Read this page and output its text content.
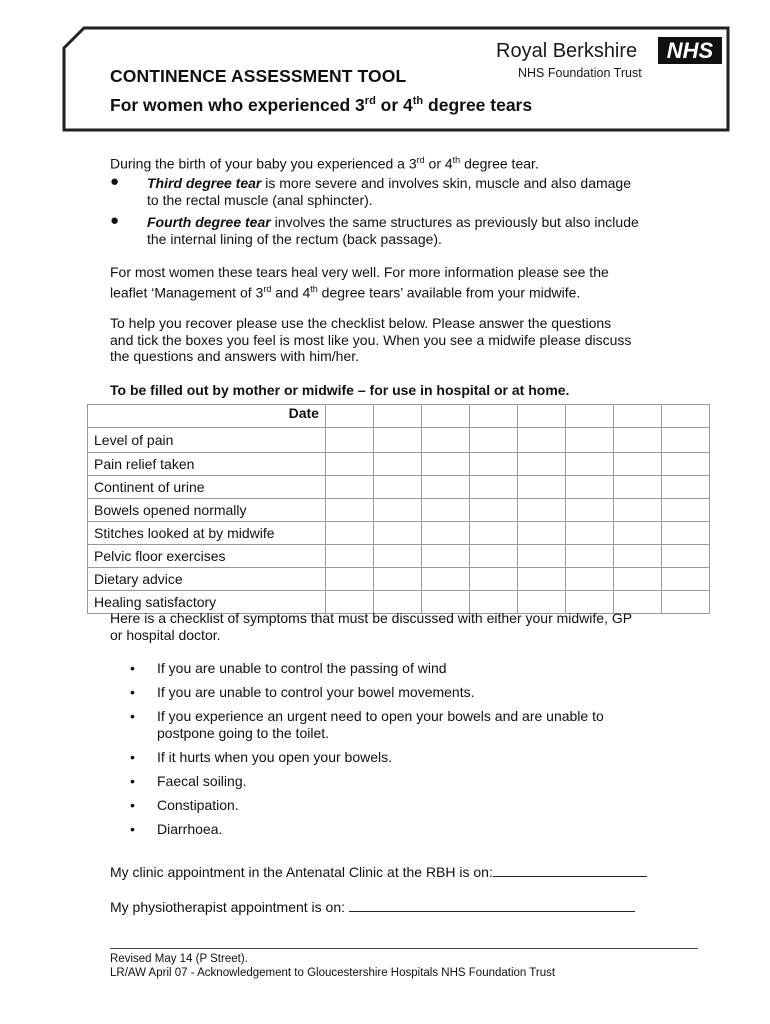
CONTINENCE ASSESSMENT TOOL
For women who experienced 3rd or 4th degree tears
Royal Berkshire	NHS
NHS Foundation Trust
During the birth of your baby you experienced a 3rd or 4th degree tear.
● Third degree tear is more severe and involves skin, muscle and also damage
to the rectal muscle (anal sphincter).
● Fourth degree tear involves the same structures as previously but also include
the internal lining of the rectum (back passage).
For most women these tears heal very well. For more information please see the
leaflet ‘Management of 3rd and 4th degree tears’ available from your midwife.
To help you recover please use the checklist below. Please answer the questions
and tick the boxes you feel is most like you. When you see a midwife please discuss
the questions and answers with him/her.
To be filled out by mother or midwife – for use in hospital or at home.
Date								
Level of pain								
Pain relief taken								
Continent of urine								
Bowels opened normally								
Stitches looked at by midwife								
Pelvic floor exercises								
Dietary advice								
Healing satisfactory								
Here is a checklist of symptoms that must be discussed with either your midwife, GP
or hospital doctor.
• If you are unable to control the passing of wind
• If you are unable to control your bowel movements.
• If you experience an urgent need to open your bowels and are unable to
postpone going to the toilet.
• If it hurts when you open your bowels.
• Faecal soiling.
• Constipation.
• Diarrhoea.
My clinic appointment in the Antenatal Clinic at the RBH is on:
My physiotherapist appointment is on:
Revised May 14 (P Street).
LR/AW April 07 - Acknowledgement to Gloucestershire Hospitals NHS Foundation Trust
